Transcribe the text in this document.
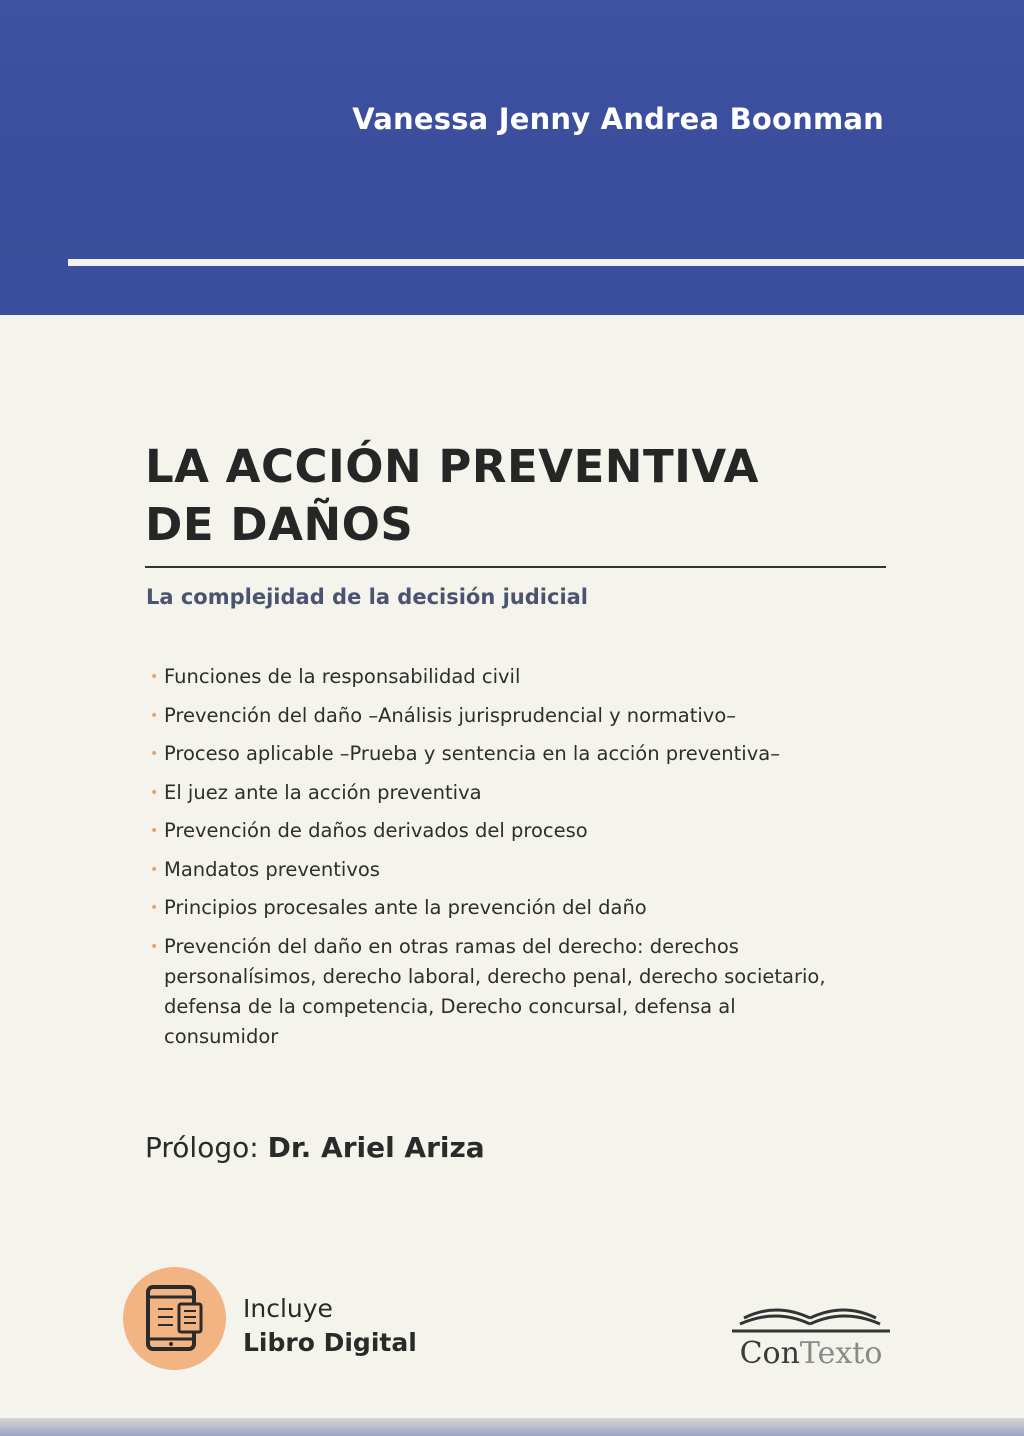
Vanessa Jenny Andrea Boonman
LA ACCIÓN PREVENTIVA
DE DAÑOS
La complejidad de la decisión judicial
• Funciones de la responsabilidad civil
• Prevención del daño –Análisis jurisprudencial y normativo–
• Proceso aplicable –Prueba y sentencia en la acción preventiva–
• El juez ante la acción preventiva
• Prevención de daños derivados del proceso
• Mandatos preventivos
• Principios procesales ante la prevención del daño
• Prevención del daño en otras ramas del derecho: derechos personalísimos, derecho laboral, derecho penal, derecho societario, defensa de la competencia, Derecho concursal, defensa al consumidor
Prólogo: Dr. Ariel Ariza
Incluye
Libro Digital	ConTexto
